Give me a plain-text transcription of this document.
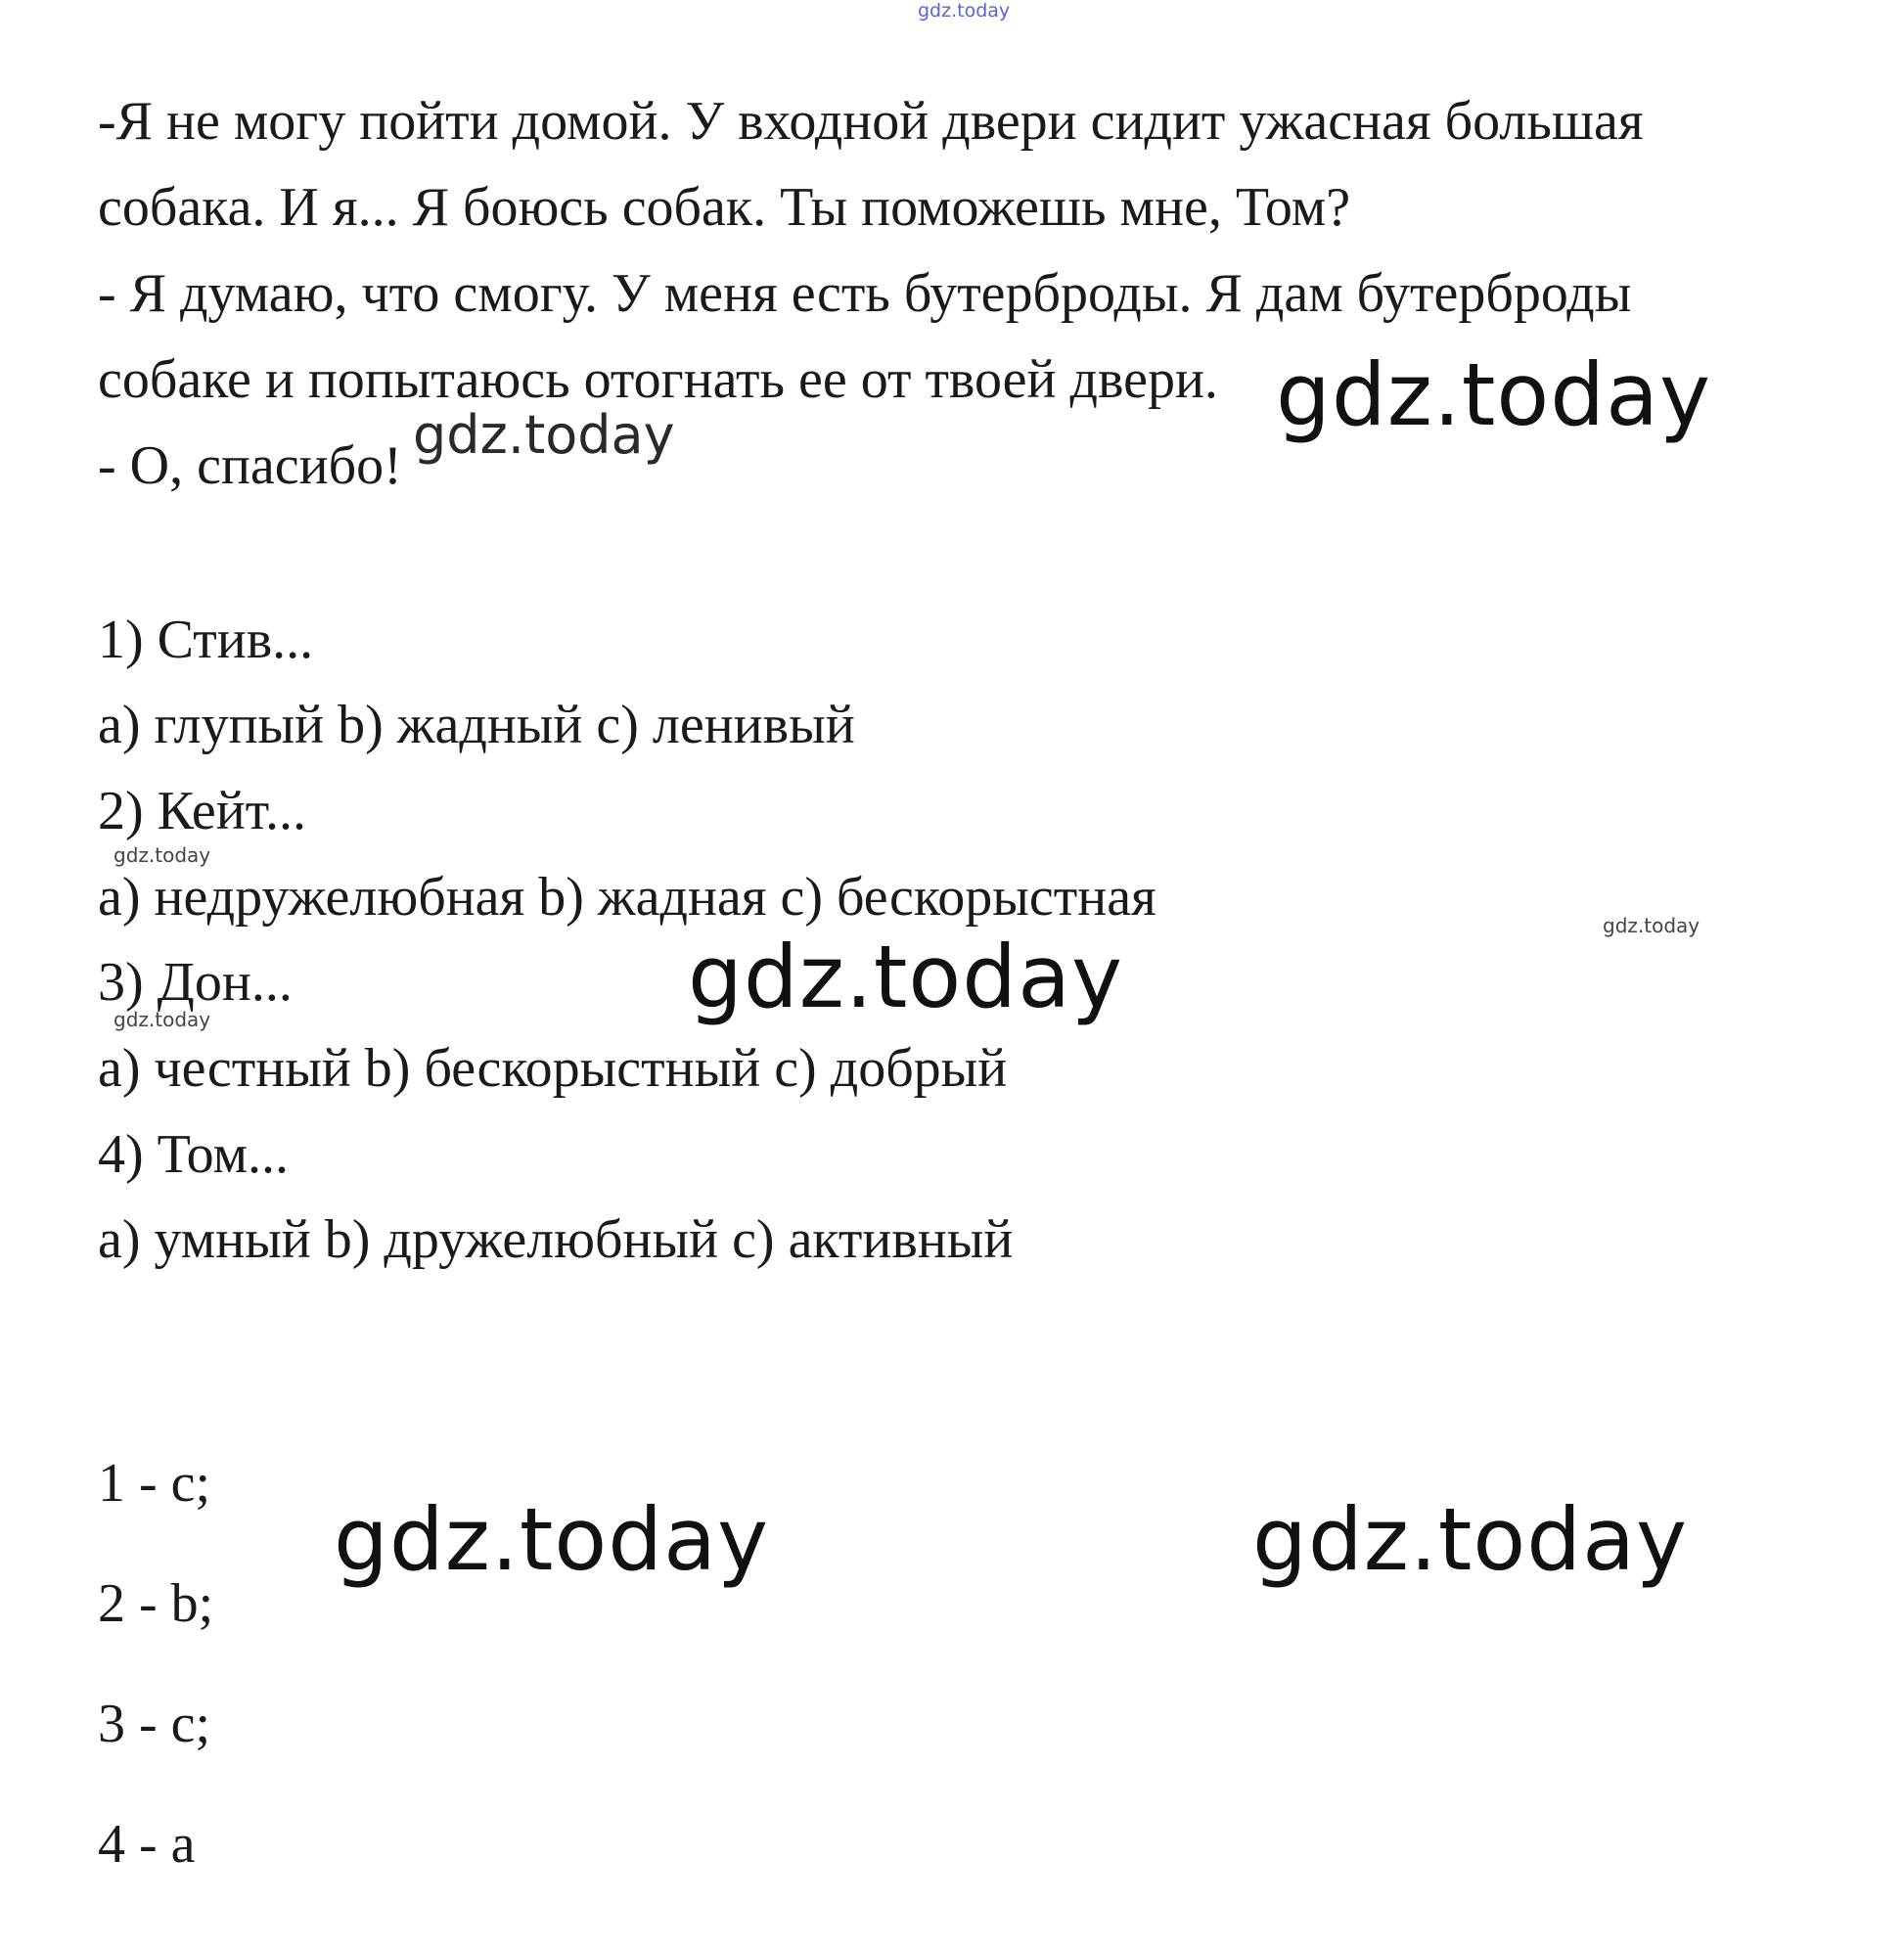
-Я не могу пойти домой. У входной двери сидит ужасная большая
собака. И я... Я боюсь собак. Ты поможешь мне, Том?
- Я думаю, что смогу. У меня есть бутерброды. Я дам бутерброды
собаке и попытаюсь отогнать ее от твоей двери.
- О, спасибо!
1) Стив...
a) глупый b) жадный c) ленивый
2) Кейт...
a) недружелюбная b) жадная c) бескорыстная
3) Дон...
a) честный b) бескорыстный c) добрый
4) Том...
a) умный b) дружелюбный c) активный
1 - c;
2 - b;
3 - c;
4 - a
gdz.today
gdz.today
gdz.today
gdz.today
gdz.today
gdz.today
gdz.today
gdz.today	gdz.today
